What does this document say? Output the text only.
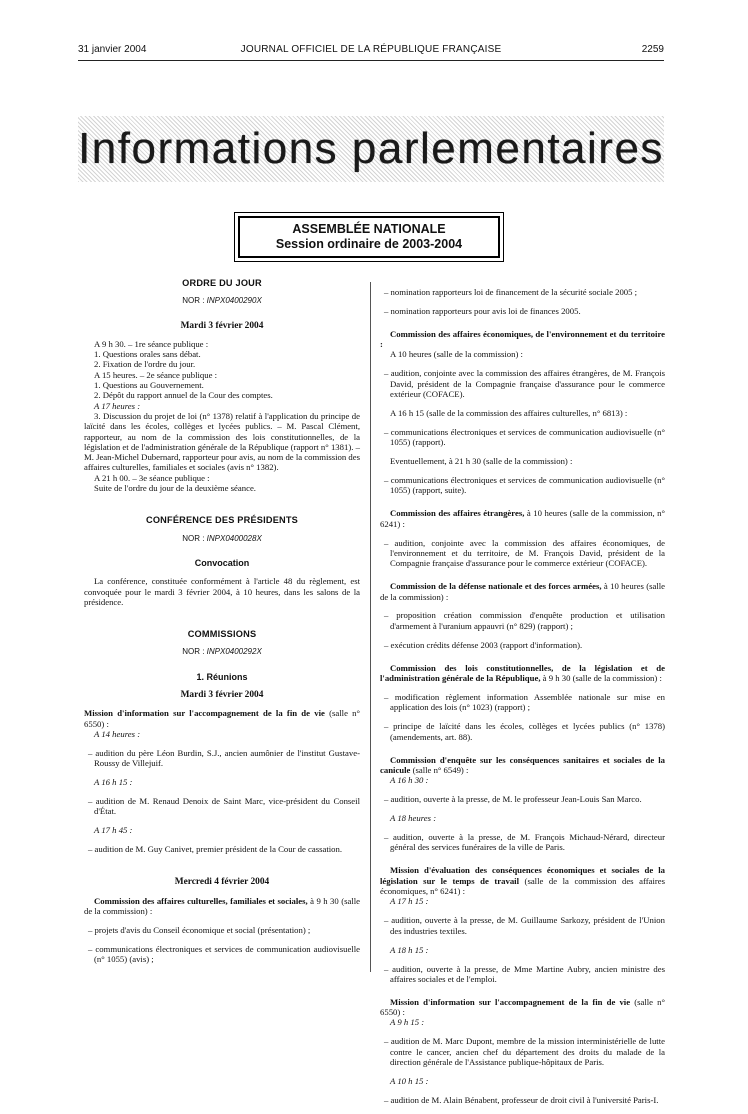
31 janvier 2004	JOURNAL OFFICIEL DE LA RÉPUBLIQUE FRANÇAISE	2259
Informations parlementaires
ASSEMBLÉE NATIONALE
Session ordinaire de 2003-2004
ORDRE DU JOUR
NOR : INPX0400290X
Mardi 3 février 2004

A 9 h 30. – 1re séance publique :

1. Questions orales sans débat.

2. Fixation de l'ordre du jour.

A 15 heures. – 2e séance publique :

1. Questions au Gouvernement.

2. Dépôt du rapport annuel de la Cour des comptes.

A 17 heures :

3. Discussion du projet de loi (n° 1378) relatif à l'application du principe de laïcité dans les écoles, collèges et lycées publics. – M. Pascal Clément, rapporteur, au nom de la commission des lois constitutionnelles, de la législation et de l'administration générale de la République (rapport n° 1381). – M. Jean-Michel Dubernard, rapporteur pour avis, au nom de la commission des affaires culturelles, familiales et sociales (avis n° 1382).

A 21 h 00. – 3e séance publique :

Suite de l'ordre du jour de la deuxième séance.

CONFÉRENCE DES PRÉSIDENTS
NOR : INPX0400028X
Convocation

La conférence, constituée conformément à l'article 48 du règlement, est convoquée pour le mardi 3 février 2004, à 10 heures, dans les salons de la présidence.

COMMISSIONS
NOR : INPX0400292X
1. Réunions
Mardi 3 février 2004

Mission d'information sur l'accompagnement de la fin de vie (salle n° 6550) :

A 14 heures :

– audition du père Léon Burdin, S.J., ancien aumônier de l'institut Gustave-Roussy de Villejuif.

A 16 h 15 :

– audition de M. Renaud Denoix de Saint Marc, vice-président du Conseil d'État.

A 17 h 45 :

– audition de M. Guy Canivet, premier président de la Cour de cassation.

Mercredi 4 février 2004

Commission des affaires culturelles, familiales et sociales, à 9 h 30 (salle de la commission) :

– projets d'avis du Conseil économique et social (présentation) ;

– communications électroniques et services de communication audiovisuelle (n° 1055) (avis) ;

– nomination rapporteurs loi de financement de la sécurité sociale 2005 ;

– nomination rapporteurs pour avis loi de finances 2005.

Commission des affaires économiques, de l'environnement et du territoire :

A 10 heures (salle de la commission) :

– audition, conjointe avec la commission des affaires étrangères, de M. François David, président de la Compagnie française d'assurance pour le commerce extérieur (COFACE).

A 16 h 15 (salle de la commission des affaires culturelles, n° 6813) :

– communications électroniques et services de communication audiovisuelle (n° 1055) (rapport).

Eventuellement, à 21 h 30 (salle de la commission) :

– communications électroniques et services de communication audiovisuelle (n° 1055) (rapport, suite).

Commission des affaires étrangères, à 10 heures (salle de la commission, n° 6241) :

– audition, conjointe avec la commission des affaires économiques, de l'environnement et du territoire, de M. François David, président de la Compagnie française d'assurance pour le commerce extérieur (COFACE).

Commission de la défense nationale et des forces armées, à 10 heures (salle de la commission) :

– proposition création commission d'enquête production et utilisation d'armement à l'uranium appauvri (n° 829) (rapport) ;

– exécution crédits défense 2003 (rapport d'information).

Commission des lois constitutionnelles, de la législation et de l'administration générale de la République, à 9 h 30 (salle de la commission) :

– modification règlement information Assemblée nationale sur mise en application des lois (n° 1023) (rapport) ;

– principe de laïcité dans les écoles, collèges et lycées publics (n° 1378) (amendements, art. 88).

Commission d'enquête sur les conséquences sanitaires et sociales de la canicule (salle n° 6549) :

A 16 h 30 :

– audition, ouverte à la presse, de M. le professeur Jean-Louis San Marco.

A 18 heures :

– audition, ouverte à la presse, de M. François Michaud-Nérard, directeur général des services funéraires de la ville de Paris.

Mission d'évaluation des conséquences économiques et sociales de la législation sur le temps de travail (salle de la commission des affaires économiques, n° 6241) :

A 17 h 15 :

– audition, ouverte à la presse, de M. Guillaume Sarkozy, président de l'Union des industries textiles.

A 18 h 15 :

– audition, ouverte à la presse, de Mme Martine Aubry, ancien ministre des affaires sociales et de l'emploi.

Mission d'information sur l'accompagnement de la fin de vie (salle n° 6550) :

A 9 h 15 :

– audition de M. Marc Dupont, membre de la mission interministérielle de lutte contre le cancer, ancien chef du département des droits du malade de la direction générale de l'Assistance publique-hôpitaux de Paris.

A 10 h 15 :

– audition de M. Alain Bénabent, professeur de droit civil à l'université Paris-I.
